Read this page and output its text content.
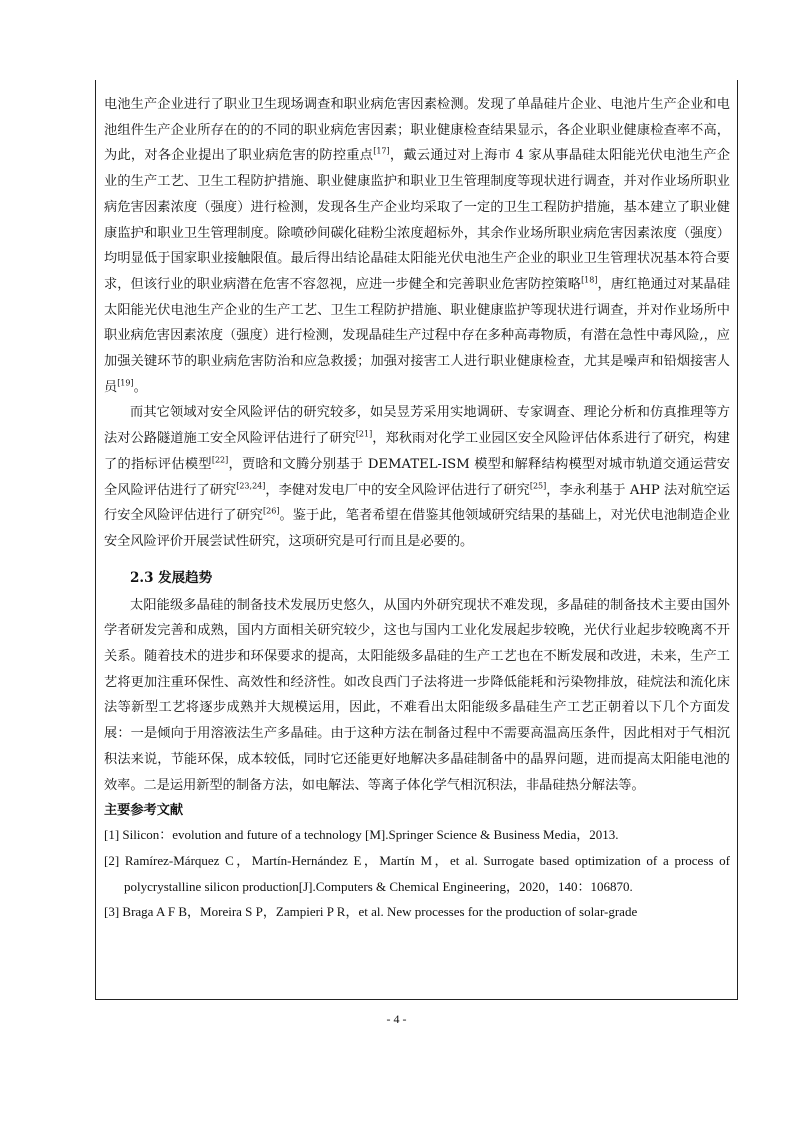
电池生产企业进行了职业卫生现场调查和职业病危害因素检测。发现了单晶硅片企业、电池片生产企业和电池组件生产企业所存在的的不同的职业病危害因素；职业健康检查结果显示，各企业职业健康检查率不高，为此，对各企业提出了职业病危害的防控重点[17]，戴云通过对上海市 4 家从事晶硅太阳能光伏电池生产企业的生产工艺、卫生工程防护措施、职业健康监护和职业卫生管理制度等现状进行调查，并对作业场所职业病危害因素浓度（强度）进行检测，发现各生产企业均采取了一定的卫生工程防护措施，基本建立了职业健康监护和职业卫生管理制度。除喷砂间碳化硅粉尘浓度超标外，其余作业场所职业病危害因素浓度（强度）均明显低于国家职业接触限值。最后得出结论晶硅太阳能光伏电池生产企业的职业卫生管理状况基本符合要求，但该行业的职业病潜在危害不容忽视，应进一步健全和完善职业危害防控策略[18]，唐红艳通过对某晶硅太阳能光伏电池生产企业的生产工艺、卫生工程防护措施、职业健康监护等现状进行调查，并对作业场所中职业病危害因素浓度（强度）进行检测，发现晶硅生产过程中存在多种高毒物质，有潜在急性中毒风险,，应加强关键环节的职业病危害防治和应急救援；加强对接害工人进行职业健康检查，尤其是噪声和铅烟接害人员[19]。

而其它领域对安全风险评估的研究较多，如吴昱芳采用实地调研、专家调查、理论分析和仿真推理等方法对公路隧道施工安全风险评估进行了研究[21]，郑秋雨对化学工业园区安全风险评估体系进行了研究，构建了的指标评估模型[22]，贾晗和文腾分别基于 DEMATEL-ISM 模型和解释结构模型对城市轨道交通运营安全风险评估进行了研究[23,24]，李健对发电厂中的安全风险评估进行了研究[25]，李永利基于 AHP 法对航空运行安全风险评估进行了研究[26]。鉴于此，笔者希望在借鉴其他领域研究结果的基础上，对光伏电池制造企业安全风险评价开展尝试性研究，这项研究是可行而且是必要的。

2.3 发展趋势

太阳能级多晶硅的制备技术发展历史悠久，从国内外研究现状不难发现，多晶硅的制备技术主要由国外学者研发完善和成熟，国内方面相关研究较少，这也与国内工业化发展起步较晚，光伏行业起步较晚离不开关系。随着技术的进步和环保要求的提高，太阳能级多晶硅的生产工艺也在不断发展和改进，未来，生产工艺将更加注重环保性、高效性和经济性。如改良西门子法将进一步降低能耗和污染物排放，硅烷法和流化床法等新型工艺将逐步成熟并大规模运用，因此，不难看出太阳能级多晶硅生产工艺正朝着以下几个方面发展：一是倾向于用溶液法生产多晶硅。由于这种方法在制备过程中不需要高温高压条件，因此相对于气相沉积法来说，节能环保，成本较低，同时它还能更好地解决多晶硅制备中的晶界问题，进而提高太阳能电池的效率。二是运用新型的制备方法，如电解法、等离子体化学气相沉积法，非晶硅热分解法等。

主要参考文献
[1] Silicon：evolution and future of a technology [M].Springer Science & Business Media，2013.
[2] Ramírez-Márquez C，Martín-Hernández E，Martín M，et al. Surrogate based optimization of a process of polycrystalline silicon production[J].Computers & Chemical Engineering，2020，140：106870.
[3] Braga A F B，Moreira S P，Zampieri P R，et al. New processes for the production of solar-grade
- 4 -
